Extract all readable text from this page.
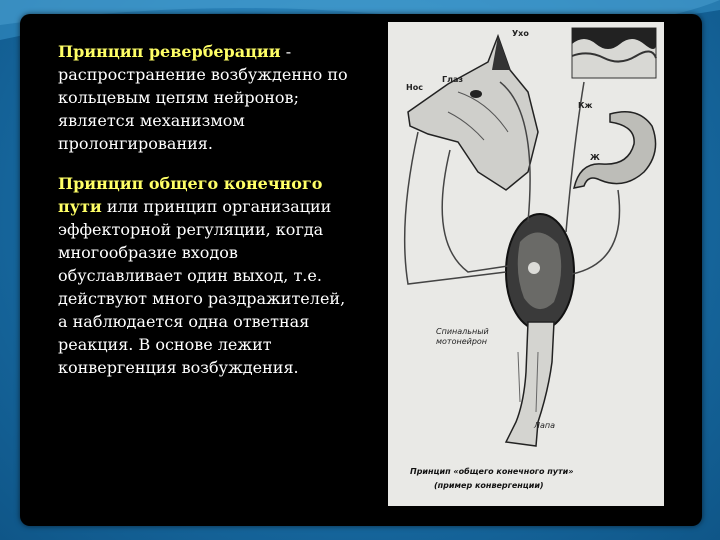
Принцип реверберации - распространение возбужденно по кольцевым цепям нейронов; является механизмом пролонгирования.

Принцип общего конечного пути или принцип организации эффекторной регуляции, когда многообразие входов обуславливает один выход, т.е. действуют много раздражителей, а наблюдается одна ответная реакция. В основе лежит конвергенция возбуждения.

Ухо
Глаз
Нос
Кж
Ж
Спинальный
мотонейрон
Лапа
Принцип «общего конечного пути»
(пример конвергенции)
